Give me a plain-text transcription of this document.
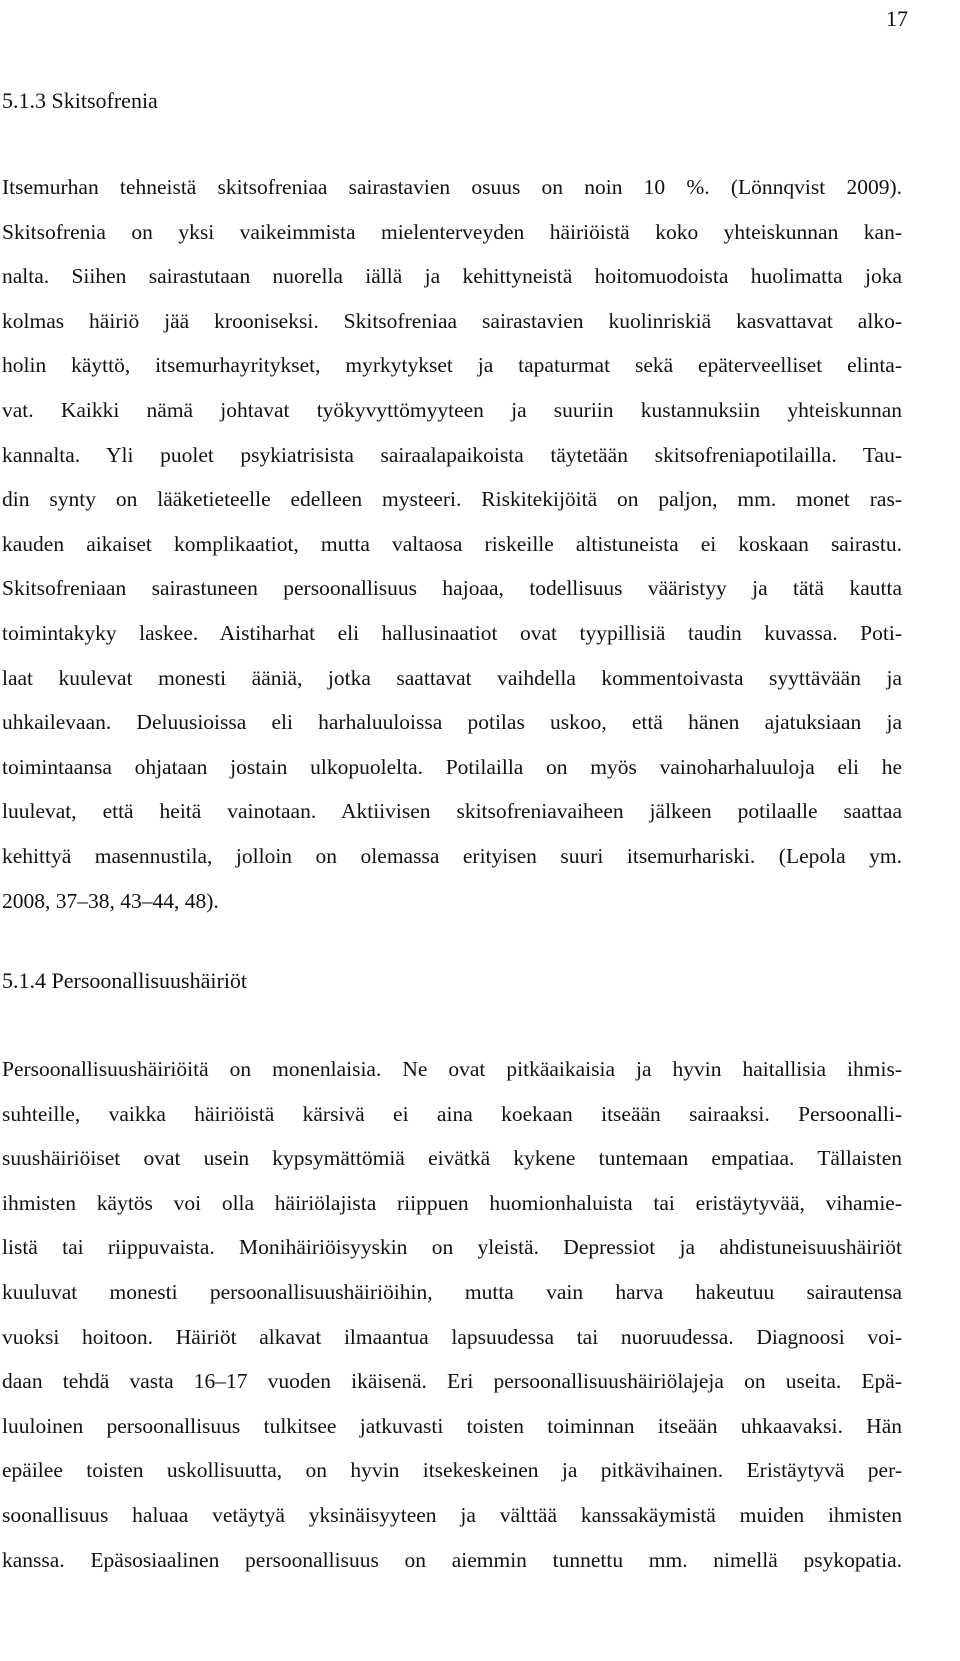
17
5.1.3 Skitsofrenia
Itsemurhan tehneistä skitsofreniaa sairastavien osuus on noin 10 %. (Lönnqvist 2009).
Skitsofrenia on yksi vaikeimmista mielenterveyden häiriöistä koko yhteiskunnan kan-
nalta. Siihen sairastutaan nuorella iällä ja kehittyneistä hoitomuodoista huolimatta joka
kolmas häiriö jää krooniseksi. Skitsofreniaa sairastavien kuolinriskiä kasvattavat alko-
holin käyttö, itsemurhayritykset, myrkytykset ja tapaturmat sekä epäterveelliset elinta-
vat. Kaikki nämä johtavat työkyvyttömyyteen ja suuriin kustannuksiin yhteiskunnan
kannalta. Yli puolet psykiatrisista sairaalapaikoista täytetään skitsofreniapotilailla. Tau-
din synty on lääketieteelle edelleen mysteeri. Riskitekijöitä on paljon, mm. monet ras-
kauden aikaiset komplikaatiot, mutta valtaosa riskeille altistuneista ei koskaan sairastu.
Skitsofreniaan sairastuneen persoonallisuus hajoaa, todellisuus vääristyy ja tätä kautta
toimintakyky laskee. Aistiharhat eli hallusinaatiot ovat tyypillisiä taudin kuvassa. Poti-
laat kuulevat monesti ääniä, jotka saattavat vaihdella kommentoivasta syyttävään ja
uhkailevaan. Deluusioissa eli harhaluuloissa potilas uskoo, että hänen ajatuksiaan ja
toimintaansa ohjataan jostain ulkopuolelta. Potilailla on myös vainoharhaluuloja eli he
luulevat, että heitä vainotaan. Aktiivisen skitsofreniavaiheen jälkeen potilaalle saattaa
kehittyä masennustila, jolloin on olemassa erityisen suuri itsemurhariski. (Lepola ym.
2008, 37–38, 43–44, 48).
5.1.4 Persoonallisuushäiriöt
Persoonallisuushäiriöitä on monenlaisia. Ne ovat pitkäaikaisia ja hyvin haitallisia ihmis-
suhteille, vaikka häiriöistä kärsivä ei aina koekaan itseään sairaaksi. Persoonalli-
suushäiriöiset ovat usein kypsymättömiä eivätkä kykene tuntemaan empatiaa. Tällaisten
ihmisten käytös voi olla häiriölajista riippuen huomionhaluista tai eristäytyvää, vihamie-
listä tai riippuvaista. Monihäiriöisyyskin on yleistä. Depressiot ja ahdistuneisuushäiriöt
kuuluvat monesti persoonallisuushäiriöihin, mutta vain harva hakeutuu sairautensa
vuoksi hoitoon. Häiriöt alkavat ilmaantua lapsuudessa tai nuoruudessa. Diagnoosi voi-
daan tehdä vasta 16–17 vuoden ikäisenä. Eri persoonallisuushäiriölajeja on useita. Epä-
luuloinen persoonallisuus tulkitsee jatkuvasti toisten toiminnan itseään uhkaavaksi. Hän
epäilee toisten uskollisuutta, on hyvin itsekeskeinen ja pitkävihainen. Eristäytyvä per-
soonallisuus haluaa vetäytyä yksinäisyyteen ja välttää kanssakäymistä muiden ihmisten
kanssa. Epäsosiaalinen persoonallisuus on aiemmin tunnettu mm. nimellä psykopatia.
